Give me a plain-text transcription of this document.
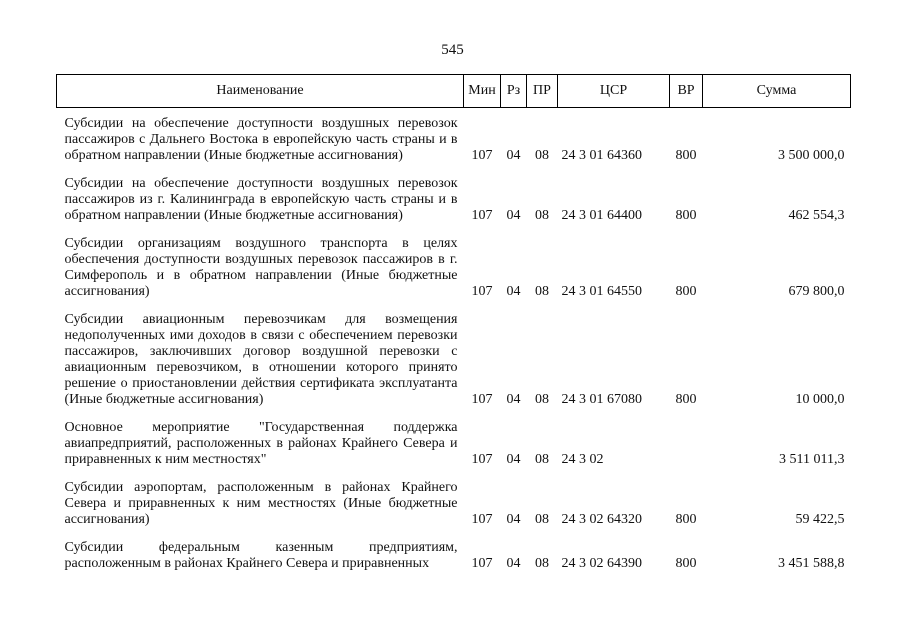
545
Наименование	Мин	Рз	ПР	ЦСР	ВР	Сумма

Субсидии на обеспечение доступности воздушных перевозок пассажиров с Дальнего Востока в европейскую часть страны и в обратном направлении (Иные бюджетные ассигнования)	107	04	08	24 3 01 64360	800	3 500 000,0
Субсидии на обеспечение доступности воздушных перевозок пассажиров из г. Калининграда в европейскую часть страны и в обратном направлении (Иные бюджетные ассигнования)	107	04	08	24 3 01 64400	800	462 554,3
Субсидии организациям воздушного транспорта в целях обеспечения доступности воздушных перевозок пассажиров в г. Симферополь и в обратном направлении (Иные бюджетные ассигнования)	107	04	08	24 3 01 64550	800	679 800,0
Субсидии авиационным перевозчикам для возмещения недополученных ими доходов в связи с обеспечением перевозки пассажиров, заключивших договор воздушной перевозки с авиационным перевозчиком, в отношении которого принято решение о приостановлении действия сертификата эксплуатанта (Иные бюджетные ассигнования)	107	04	08	24 3 01 67080	800	10 000,0
Основное мероприятие "Государственная поддержка авиапредприятий, расположенных в районах Крайнего Севера и приравненных к ним местностях"	107	04	08	24 3 02		3 511 011,3
Субсидии аэропортам, расположенным в районах Крайнего Севера и приравненных к ним местностях (Иные бюджетные ассигнования)	107	04	08	24 3 02 64320	800	59 422,5
Субсидии федеральным казенным предприятиям, расположенным в районах Крайнего Севера и приравненных	107	04	08	24 3 02 64390	800	3 451 588,8
